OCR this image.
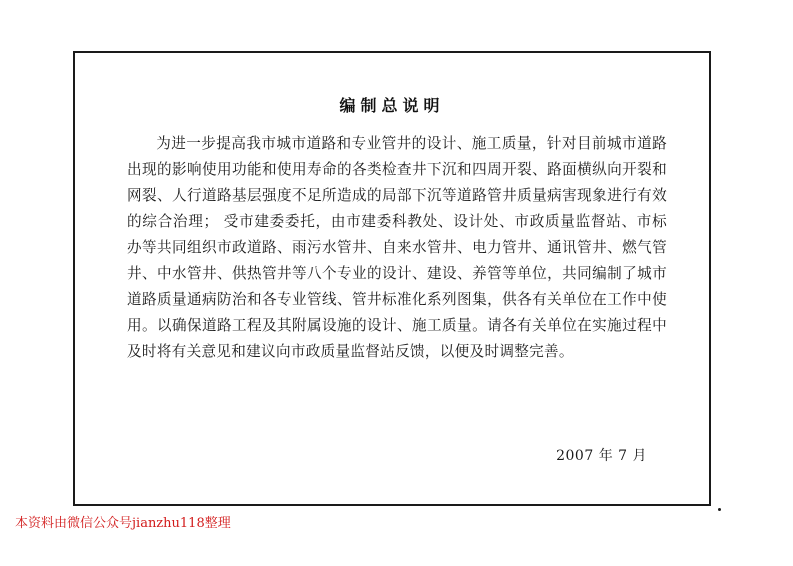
编制总说明

为进一步提高我市城市道路和专业管井的设计、施工质量，针对目前城市道路出现的影响使用功能和使用寿命的各类检查井下沉和四周开裂、路面横纵向开裂和网裂、人行道路基层强度不足所造成的局部下沉等道路管井质量病害现象进行有效的综合治理； 受市建委委托，由市建委科教处、设计处、市政质量监督站、市标办等共同组织市政道路、雨污水管井、自来水管井、电力管井、通讯管井、燃气管井、中水管井、供热管井等八个专业的设计、建设、养管等单位，共同编制了城市道路质量通病防治和各专业管线、管井标准化系列图集，供各有关单位在工作中使用。以确保道路工程及其附属设施的设计、施工质量。请各有关单位在实施过程中及时将有关意见和建议向市政质量监督站反馈，以便及时调整完善。

2007 年 7 月
本资料由微信公众号jianzhu118整理
